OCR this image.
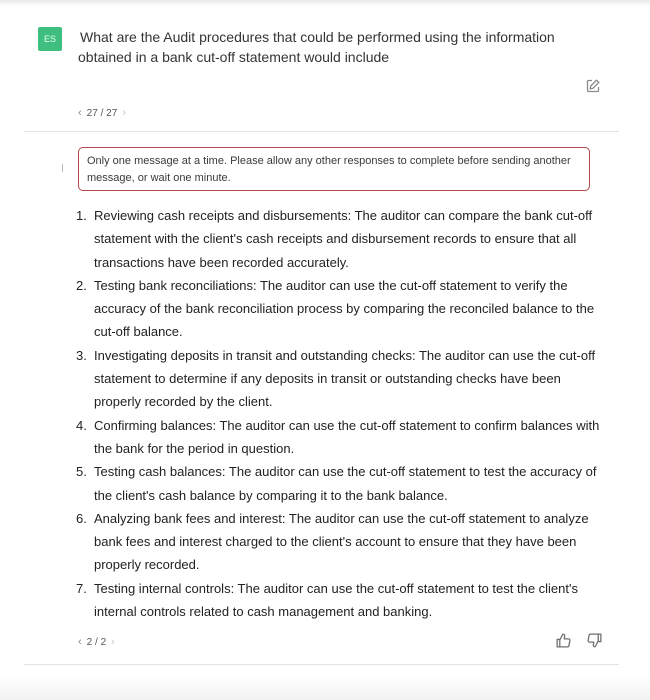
ES	What are the Audit procedures that could be performed using the information obtained in a bank cut-off statement would include
‹ 27 / 27 ›
Only one message at a time. Please allow any other responses to complete before sending another message, or wait one minute.
1. Reviewing cash receipts and disbursements: The auditor can compare the bank cut-off statement with the client's cash receipts and disbursement records to ensure that all transactions have been recorded accurately.
2. Testing bank reconciliations: The auditor can use the cut-off statement to verify the accuracy of the bank reconciliation process by comparing the reconciled balance to the cut-off balance.
3. Investigating deposits in transit and outstanding checks: The auditor can use the cut-off statement to determine if any deposits in transit or outstanding checks have been properly recorded by the client.
4. Confirming balances: The auditor can use the cut-off statement to confirm balances with the bank for the period in question.
5. Testing cash balances: The auditor can use the cut-off statement to test the accuracy of the client's cash balance by comparing it to the bank balance.
6. Analyzing bank fees and interest: The auditor can use the cut-off statement to analyze bank fees and interest charged to the client's account to ensure that they have been properly recorded.
7. Testing internal controls: The auditor can use the cut-off statement to test the client's internal controls related to cash management and banking.
‹ 2 / 2 ›
